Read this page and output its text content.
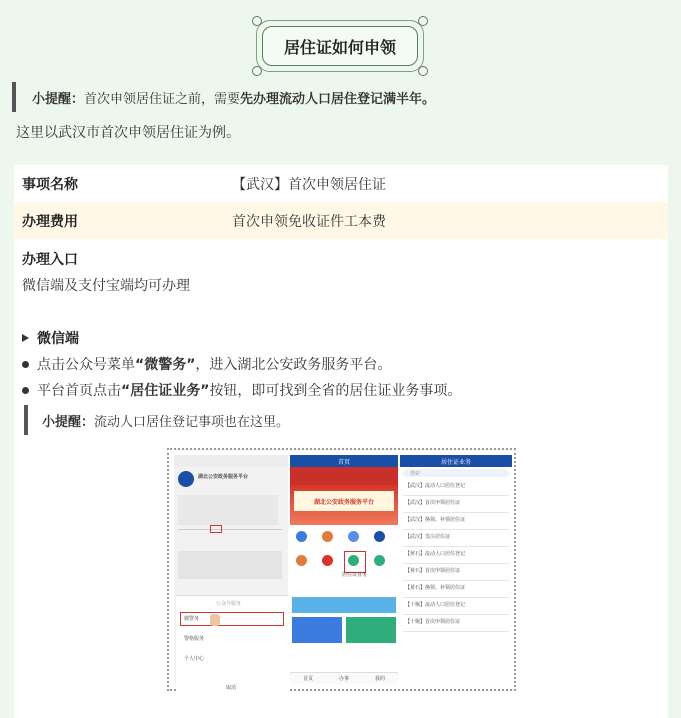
居住证如何申领
小提醒： 首次申领居住证之前，需要 先办理流动人口居住登记满半年。
这里以武汉市首次申领居住证为例。
事项名称	【武汉】首次申领居住证
办理费用	首次申领免收证件工本费
办理入口
微信端及支付宝端均可办理
微信端
点击公众号菜单 “微警务” ，进入湖北公安政务服务平台。
平台首页点击 “居住证业务” 按钮，即可找到全省的居住证业务事项。
小提醒： 流动人口居住登记事项也在这里。
湖北公安政务服务平台
公众号服务
微警务
警格服务
个人中心
取消
首页
湖北公安政务服务平台
居住证业务
首页	办事	我的
居住证业务
搜索
【武汉】流动人口居住登记
【武汉】首次申领居住证
【武汉】换领、补领居住证
【武汉】签注居住证
【黄石】流动人口居住登记
【黄石】首次申领居住证
【黄石】换领、补领居住证
【十堰】流动人口居住登记
【十堰】首次申领居住证
